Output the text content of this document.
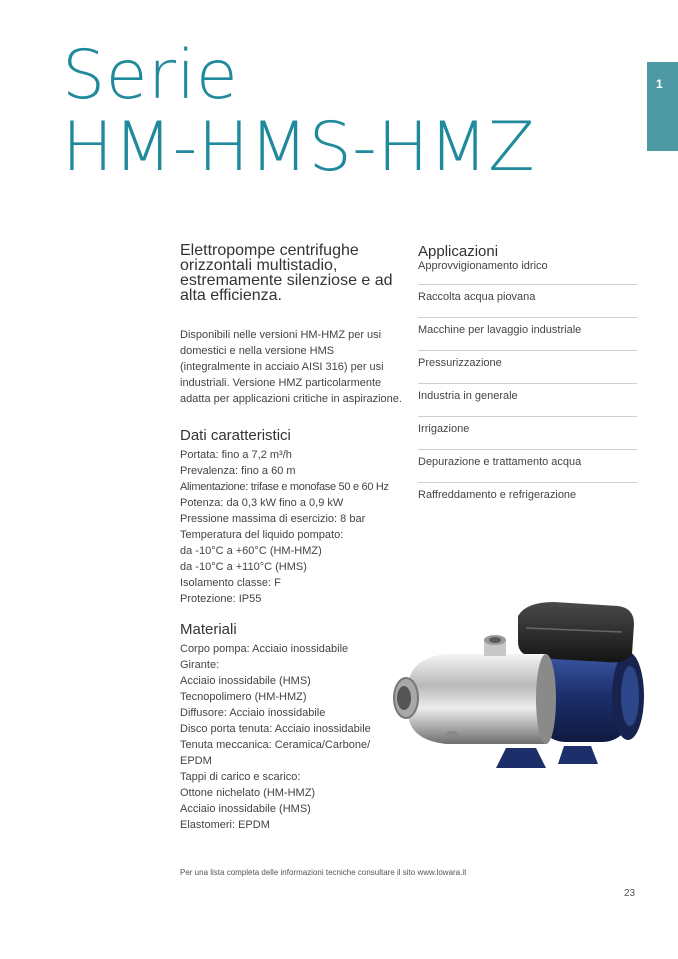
Serie
HM-HMS-HMZ
1

Elettropompe centrifughe orizzontali multistadio, estremamente silenziose e ad alta efficienza.

Disponibili nelle versioni HM-HMZ per usi domestici e nella versione HMS (integralmente in acciaio AISI 316) per usi industriali. Versione HMZ particolarmente adatta per applicazioni critiche in aspirazione.

Dati caratteristici
Portata: fino a 7,2 m³/h
Prevalenza: fino a 60 m
Alimentazione: trifase e monofase 50 e 60 Hz
Potenza: da 0,3 kW fino a 0,9 kW
Pressione massima di esercizio: 8 bar
Temperatura del liquido pompato:
da -10°C a +60°C (HM-HMZ)
da -10°C a +110°C (HMS)
Isolamento classe: F
Protezione: IP55
Materiali
Corpo pompa: Acciaio inossidabile
Girante:
Acciaio inossidabile (HMS)
Tecnopolimero (HM-HMZ)
Diffusore: Acciaio inossidabile
Disco porta tenuta: Acciaio inossidabile
Tenuta meccanica: Ceramica/Carbone/
EPDM
Tappi di carico e scarico:
Ottone nichelato (HM-HMZ)
Acciaio inossidabile (HMS)
Elastomeri: EPDM
Applicazioni
Approvvigionamento idrico
Raccolta acqua piovana
Macchine per lavaggio industriale
Pressurizzazione
Industria in generale
Irrigazione
Depurazione e trattamento acqua
Raffreddamento e refrigerazione
Per una lista completa delle informazioni tecniche consultare il sito www.lowara.it
23
